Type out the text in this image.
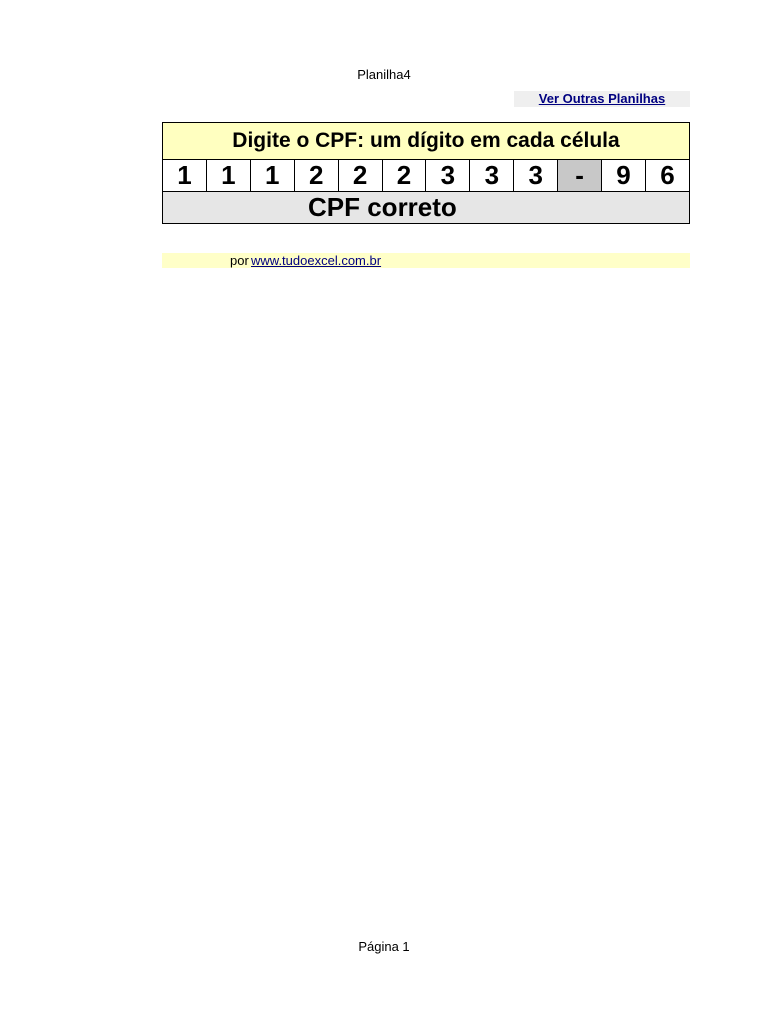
Planilha4
Ver Outras Planilhas
Digite o CPF: um dígito em cada célula
1	1	1	2	2	2	3	3	3	-	9	6
CPF correto
por www.tudoexcel.com.br
Página 1
